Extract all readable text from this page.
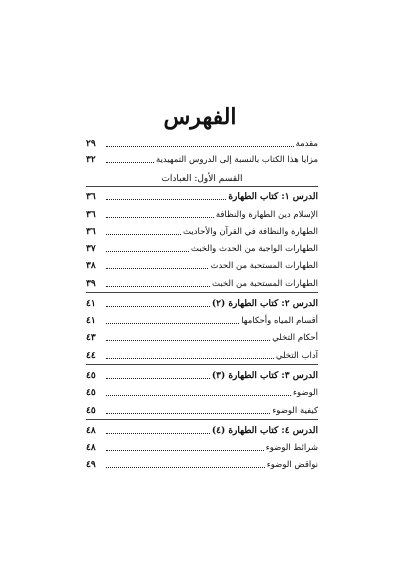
الفهرس
مقدمة
٢٩
مزايا هذا الكتاب بالنسبة إلى الدروس التمهيدية
٣٢
القسم الأول: العبادات
الدرس ١: كتاب الطهارة
٣٦
الإسلام دين الطهارة والنظافة
٣٦
الطهارة والنظافة في القرآن والأحاديث
٣٦
الطهارات الواجبة من الحدث والخبث
٣٧
الطهارات المستحبة من الحدث
٣٨
الطهارات المستحبة من الخبث
٣٩
الدرس ٢: كتاب الطهارة (٢)
٤١
أقسام المياه وأحكامها
٤١
أحكام التخلي
٤٣
آداب التخلي
٤٤
الدرس ٣: كتاب الطهارة (٣)
٤٥
الوضوء
٤٥
كيفية الوضوء
٤٥
الدرس ٤: كتاب الطهارة (٤)
٤٨
شرائط الوضوء
٤٨
نواقض الوضوء
٤٩
